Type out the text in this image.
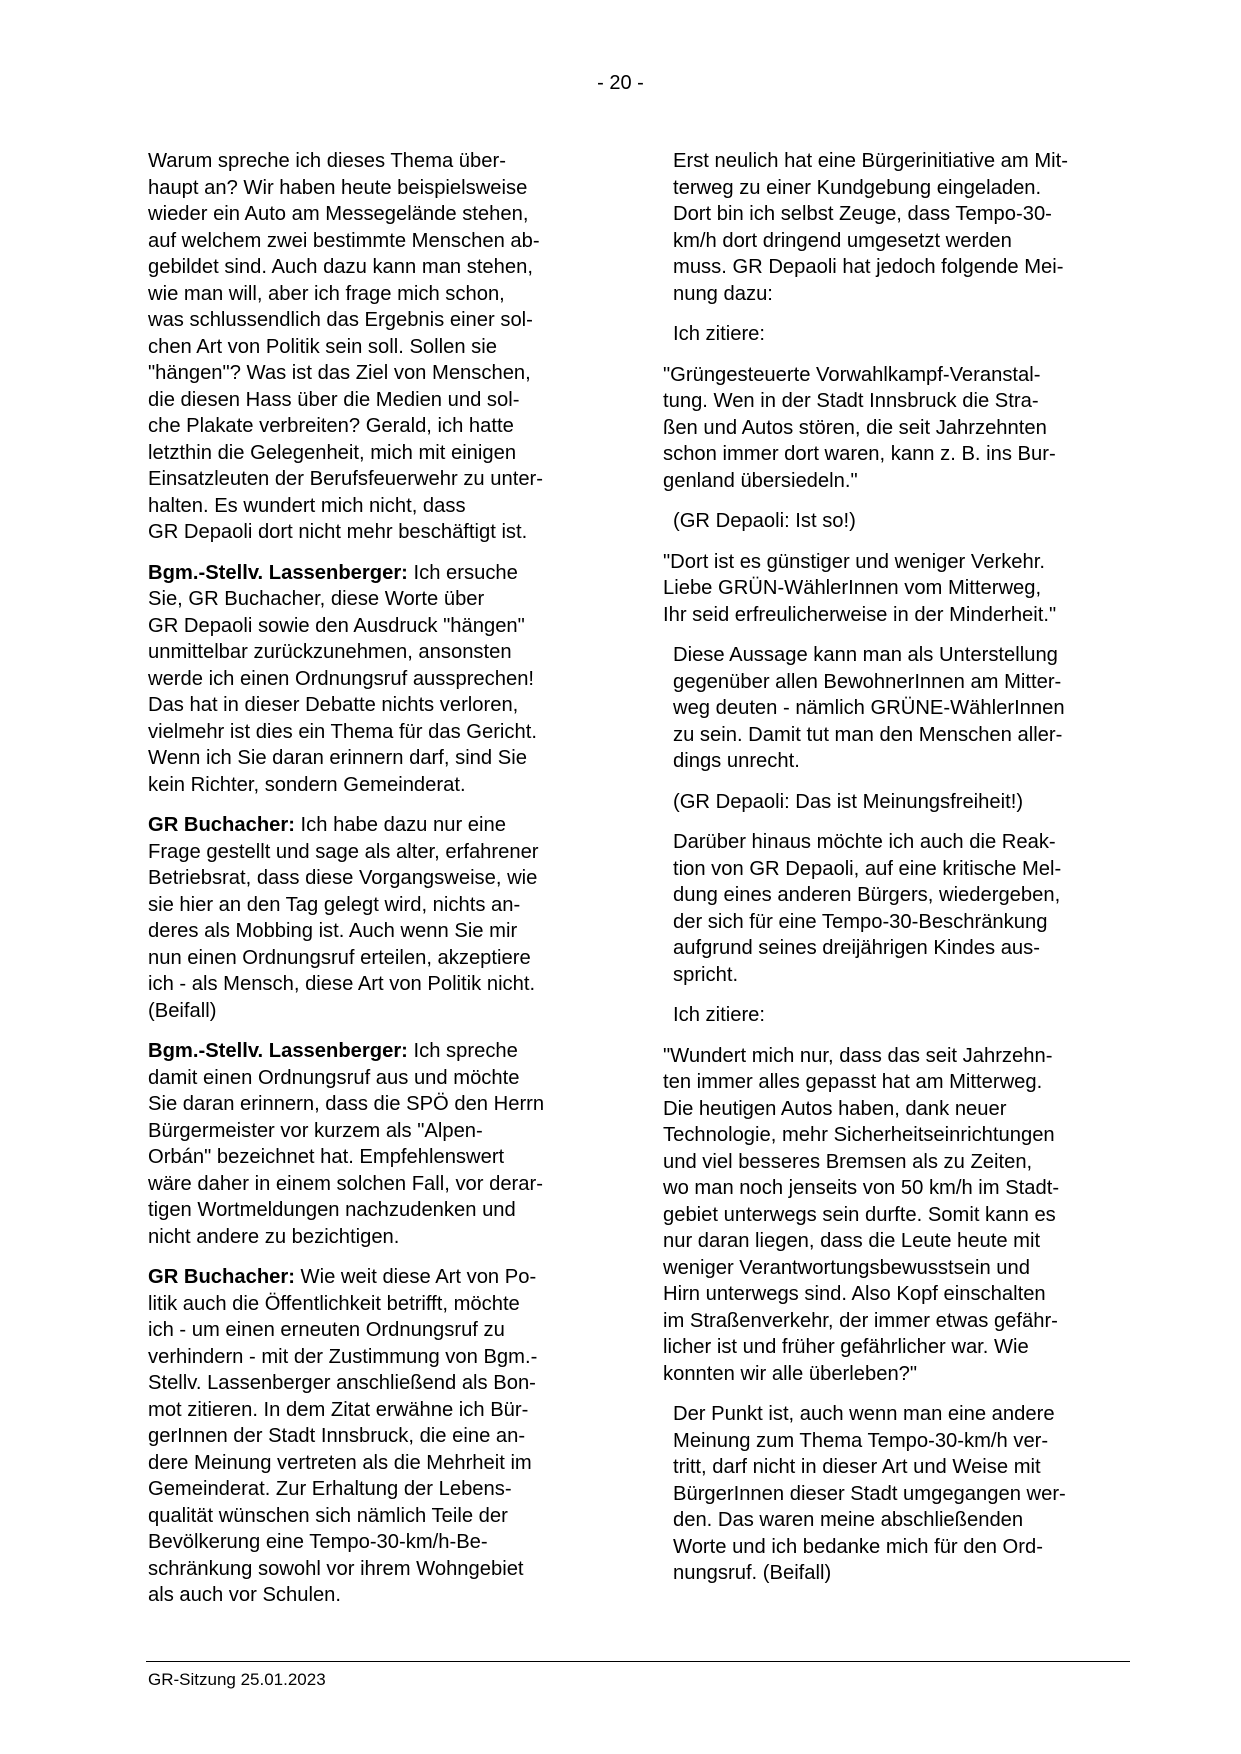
- 20 -

Warum spreche ich dieses Thema über-
haupt an? Wir haben heute beispielsweise
wieder ein Auto am Messegelände stehen,
auf welchem zwei bestimmte Menschen ab-
gebildet sind. Auch dazu kann man stehen,
wie man will, aber ich frage mich schon,
was schlussendlich das Ergebnis einer sol-
chen Art von Politik sein soll. Sollen sie
"hängen"? Was ist das Ziel von Menschen,
die diesen Hass über die Medien und sol-
che Plakate verbreiten? Gerald, ich hatte
letzthin die Gelegenheit, mich mit einigen
Einsatzleuten der Berufsfeuerwehr zu unter-
halten. Es wundert mich nicht, dass
GR Depaoli dort nicht mehr beschäftigt ist.

Bgm.-Stellv. Lassenberger: Ich ersuche
Sie, GR Buchacher, diese Worte über
GR Depaoli sowie den Ausdruck "hängen"
unmittelbar zurückzunehmen, ansonsten
werde ich einen Ordnungsruf aussprechen!
Das hat in dieser Debatte nichts verloren,
vielmehr ist dies ein Thema für das Gericht.
Wenn ich Sie daran erinnern darf, sind Sie
kein Richter, sondern Gemeinderat.

GR Buchacher: Ich habe dazu nur eine
Frage gestellt und sage als alter, erfahrener
Betriebsrat, dass diese Vorgangsweise, wie
sie hier an den Tag gelegt wird, nichts an-
deres als Mobbing ist. Auch wenn Sie mir
nun einen Ordnungsruf erteilen, akzeptiere
ich - als Mensch, diese Art von Politik nicht.
(Beifall)

Bgm.-Stellv. Lassenberger: Ich spreche
damit einen Ordnungsruf aus und möchte
Sie daran erinnern, dass die SPÖ den Herrn
Bürgermeister vor kurzem als "Alpen-
Orbán" bezeichnet hat. Empfehlenswert
wäre daher in einem solchen Fall, vor derar-
tigen Wortmeldungen nachzudenken und
nicht andere zu bezichtigen.

GR Buchacher: Wie weit diese Art von Po-
litik auch die Öffentlichkeit betrifft, möchte
ich - um einen erneuten Ordnungsruf zu
verhindern - mit der Zustimmung von Bgm.-
Stellv. Lassenberger anschließend als Bon-
mot zitieren. In dem Zitat erwähne ich Bür-
gerInnen der Stadt Innsbruck, die eine an-
dere Meinung vertreten als die Mehrheit im
Gemeinderat. Zur Erhaltung der Lebens-
qualität wünschen sich nämlich Teile der
Bevölkerung eine Tempo-30-km/h-Be-
schränkung sowohl vor ihrem Wohngebiet
als auch vor Schulen.

Erst neulich hat eine Bürgerinitiative am Mit-
terweg zu einer Kundgebung eingeladen.
Dort bin ich selbst Zeuge, dass Tempo-30-
km/h dort dringend umgesetzt werden
muss. GR Depaoli hat jedoch folgende Mei-
nung dazu:

Ich zitiere:

"Grüngesteuerte Vorwahlkampf-Veranstal-
tung. Wen in der Stadt Innsbruck die Stra-
ßen und Autos stören, die seit Jahrzehnten
schon immer dort waren, kann z. B. ins Bur-
genland übersiedeln."

(GR Depaoli: Ist so!)

"Dort ist es günstiger und weniger Verkehr.
Liebe GRÜN-WählerInnen vom Mitterweg,
Ihr seid erfreulicherweise in der Minderheit."

Diese Aussage kann man als Unterstellung
gegenüber allen BewohnerInnen am Mitter-
weg deuten - nämlich GRÜNE-WählerInnen
zu sein. Damit tut man den Menschen aller-
dings unrecht.

(GR Depaoli: Das ist Meinungsfreiheit!)

Darüber hinaus möchte ich auch die Reak-
tion von GR Depaoli, auf eine kritische Mel-
dung eines anderen Bürgers, wiedergeben,
der sich für eine Tempo-30-Beschränkung
aufgrund seines dreijährigen Kindes aus-
spricht.

Ich zitiere:

"Wundert mich nur, dass das seit Jahrzehn-
ten immer alles gepasst hat am Mitterweg.
Die heutigen Autos haben, dank neuer
Technologie, mehr Sicherheitseinrichtungen
und viel besseres Bremsen als zu Zeiten,
wo man noch jenseits von 50 km/h im Stadt-
gebiet unterwegs sein durfte. Somit kann es
nur daran liegen, dass die Leute heute mit
weniger Verantwortungsbewusstsein und
Hirn unterwegs sind. Also Kopf einschalten
im Straßenverkehr, der immer etwas gefähr-
licher ist und früher gefährlicher war. Wie
konnten wir alle überleben?"

Der Punkt ist, auch wenn man eine andere
Meinung zum Thema Tempo-30-km/h ver-
tritt, darf nicht in dieser Art und Weise mit
BürgerInnen dieser Stadt umgegangen wer-
den. Das waren meine abschließenden
Worte und ich bedanke mich für den Ord-
nungsruf. (Beifall)

GR-Sitzung 25.01.2023
